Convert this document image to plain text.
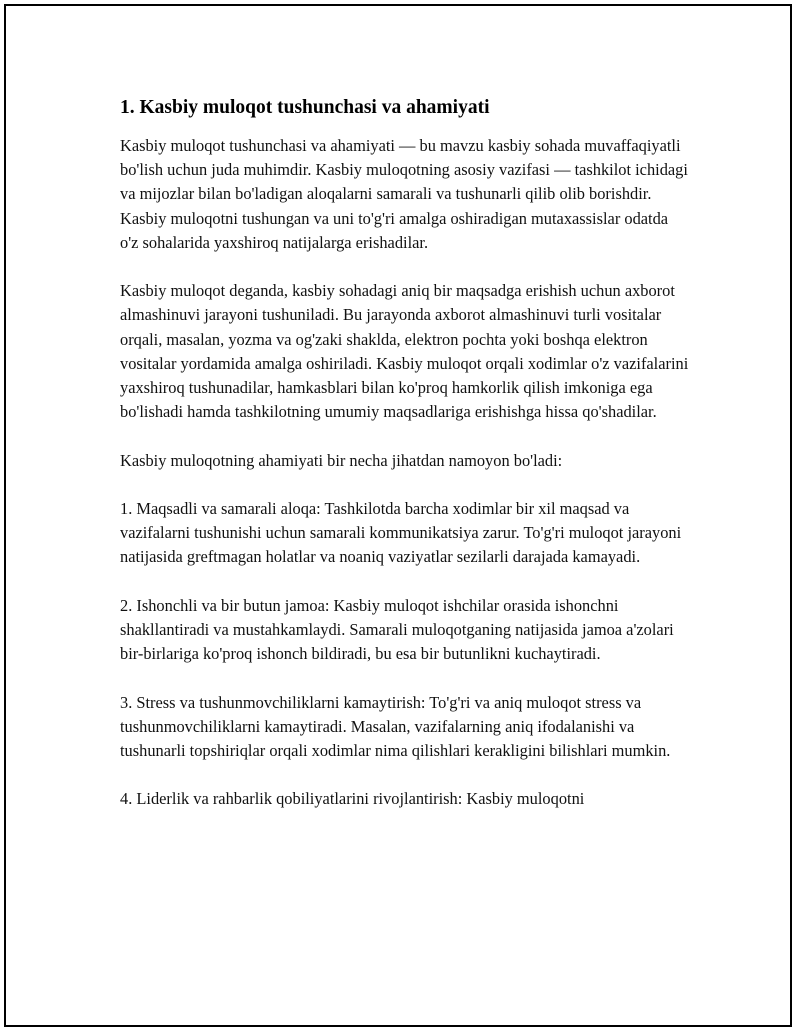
1. Kasbiy muloqot tushunchasi va ahamiyati

Kasbiy muloqot tushunchasi va ahamiyati — bu mavzu kasbiy sohada muvaffaqiyatli bo'lish uchun juda muhimdir. Kasbiy muloqotning asosiy vazifasi — tashkilot ichidagi va mijozlar bilan bo'ladigan aloqalarni samarali va tushunarli qilib olib borishdir. Kasbiy muloqotni tushungan va uni to'g'ri amalga oshiradigan mutaxassislar odatda o'z sohalarida yaxshiroq natijalarga erishadilar.

Kasbiy muloqot deganda, kasbiy sohadagi aniq bir maqsadga erishish uchun axborot almashinuvi jarayoni tushuniladi. Bu jarayonda axborot almashinuvi turli vositalar orqali, masalan, yozma va og'zaki shaklda, elektron pochta yoki boshqa elektron vositalar yordamida amalga oshiriladi. Kasbiy muloqot orqali xodimlar o'z vazifalarini yaxshiroq tushunadilar, hamkasblari bilan ko'proq hamkorlik qilish imkoniga ega bo'lishadi hamda tashkilotning umumiy maqsadlariga erishishga hissa qo'shadilar.

Kasbiy muloqotning ahamiyati bir necha jihatdan namoyon bo'ladi:

1. Maqsadli va samarali aloqa: Tashkilotda barcha xodimlar bir xil maqsad va vazifalarni tushunishi uchun samarali kommunikatsiya zarur. To'g'ri muloqot jarayoni natijasida greftmagan holatlar va noaniq vaziyatlar sezilarli darajada kamayadi.

2. Ishonchli va bir butun jamoa: Kasbiy muloqot ishchilar orasida ishonchni shakllantiradi va mustahkamlaydi. Samarali muloqotganing natijasida jamoa a'zolari bir-birlariga ko'proq ishonch bildiradi, bu esa bir butunlikni kuchaytiradi.

3. Stress va tushunmovchiliklarni kamaytirish: To'g'ri va aniq muloqot stress va tushunmovchiliklarni kamaytiradi. Masalan, vazifalarning aniq ifodalanishi va tushunarli topshiriqlar orqali xodimlar nima qilishlari kerakligini bilishlari mumkin.

4. Liderlik va rahbarlik qobiliyatlarini rivojlantirish: Kasbiy muloqotni
